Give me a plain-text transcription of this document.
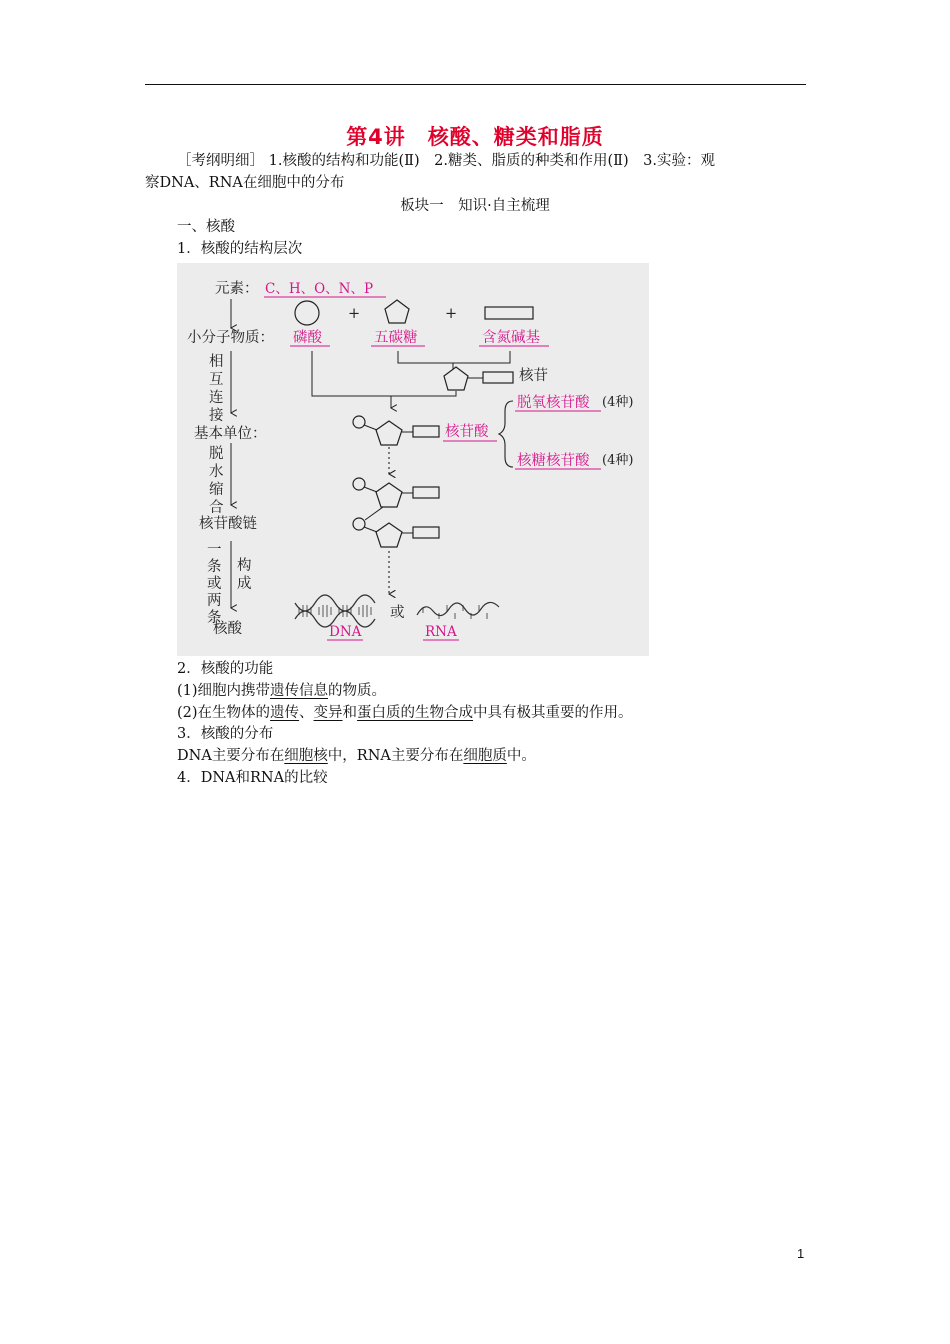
第4讲　核酸、糖类和脂质
［考纲明细］ 1.核酸的结构和功能(Ⅱ)　2.糖类、脂质的种类和作用(Ⅱ)　3.实验：观
察DNA、RNA在细胞中的分布
板块一　知识·自主梳理
一、核酸
1．核酸的结构层次
元素： C、H、O、N、P
+	+
小分子物质： 磷酸	五碳糖	含氮碱基
相
互
连
接
核苷
基本单位：	核苷酸
脱氧核苷酸 (4种)
核糖核苷酸 (4种)
脱
水
缩
合
核苷酸链
一
条
或
两
条
构
成
核酸
或
DNA	RNA
2．核酸的功能
(1)细胞内携带遗传信息的物质。
(2)在生物体的遗传、变异和蛋白质的生物合成中具有极其重要的作用。
3．核酸的分布
DNA主要分布在细胞核中，RNA主要分布在细胞质中。
4．DNA和RNA的比较
1
